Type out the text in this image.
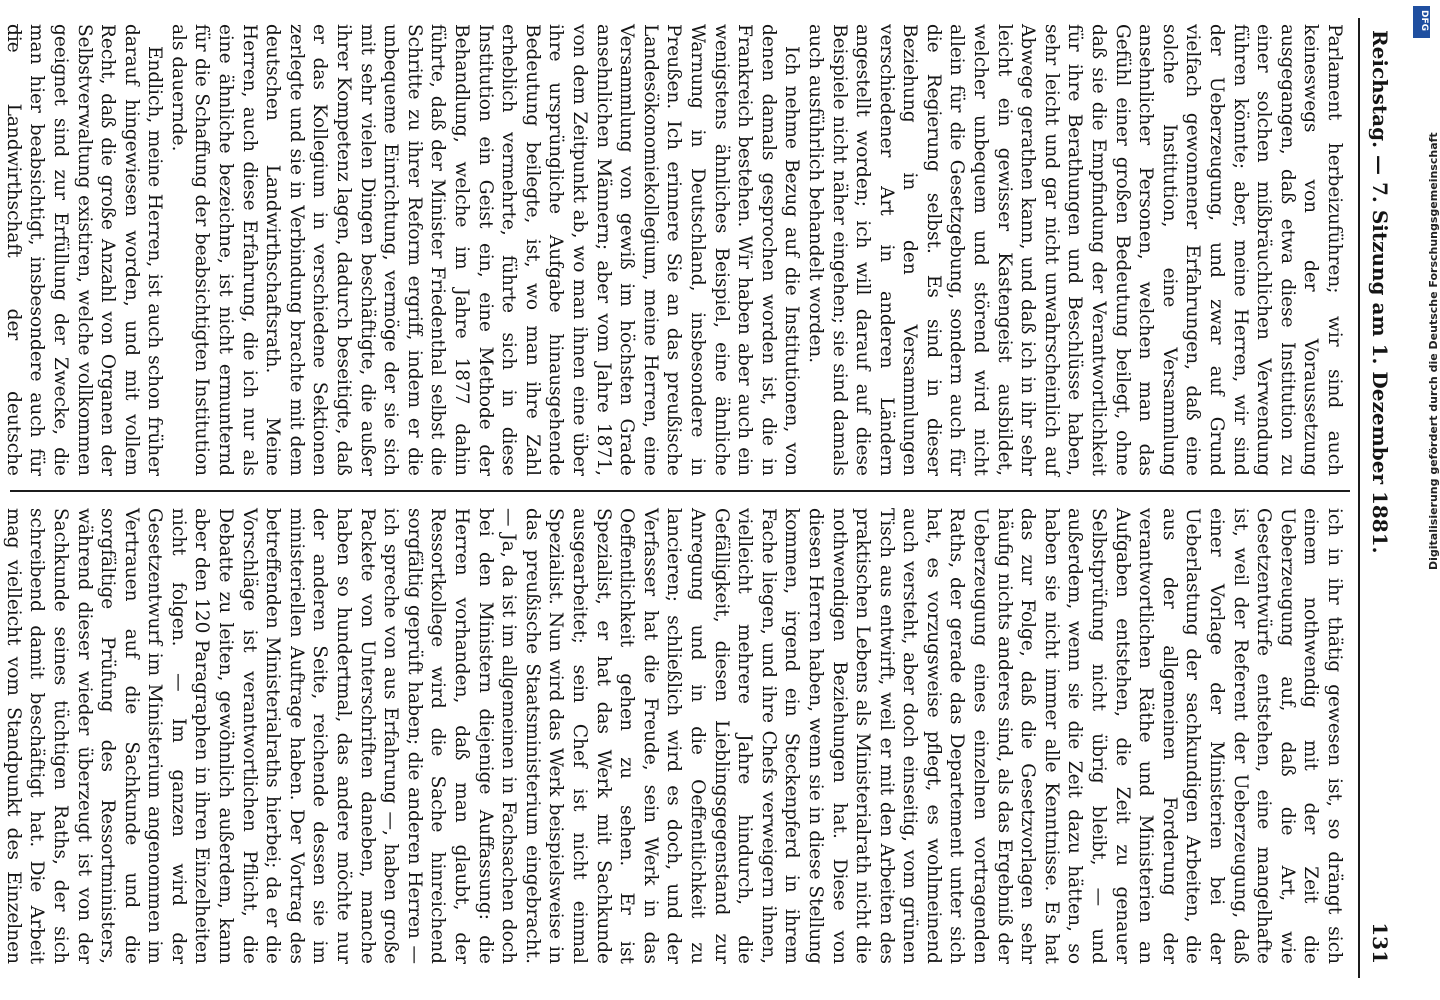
Reichstag. — 7. Sitzung am 1. Dezember 1881.
131

Parlament herbeizuführen; wir sind auch keineswegs von der Voraussetzung ausgegangen, daß etwa diese Institution zu einer solchen mißbräuchlichen Verwendung führen könnte; aber, meine Herren, wir sind der Ueberzeugung, und zwar auf Grund vielfach gewonnener Erfahrungen, daß eine solche Institution, eine Versammlung ansehnlicher Personen, welchen man das Gefühl einer großen Bedeutung beilegt, ohne daß sie die Empfindung der Verantwortlichkeit für ihre Berathungen und Beschlüsse haben, sehr leicht und gar nicht unwahrscheinlich auf Abwege gerathen kann, und daß ich in ihr sehr leicht ein gewisser Kastengeist ausbildet, welcher unbequem und störend wird nicht allein für die Gesetzgebung, sondern auch für die Regierung selbst. Es sind in dieser Beziehung in den Versammlungen verschiedener Art in anderen Ländern angestellt worden; ich will darauf auf diese Beispiele nicht näher eingehen; sie sind damals auch ausführlich behandelt worden.

Ich nehme Bezug auf die Institutionen, von denen damals gesprochen worden ist, die in Frankreich bestehen. Wir haben aber auch ein wenigstens ähnliches Beispiel, eine ähnliche Warnung in Deutschland, insbesondere in Preußen. Ich erinnere Sie an das preußische Landesökonomiekollegium, meine Herren, eine Versammlung von gewiß im höchsten Grade ansehnlichen Männern; aber vom Jahre 1871, von dem Zeitpunkt ab, wo man ihnen eine über ihre ursprüngliche Aufgabe hinausgehende Bedeutung beilegte, ist, wo man ihre Zahl erheblich vermehrte, führte sich in diese Institution ein Geist ein, eine Methode der Behandlung, welche im Jahre 1877 dahin führte, daß der Minister Friedenthal selbst die Schritte zu ihrer Reform ergriff, indem er die unbequeme Einrichtung, vermöge der sie sich mit sehr vielen Dingen beschäftigte, die außer ihrer Kompetenz lagen, dadurch beseitigte, daß er das Kollegium in verschiedene Sektionen zerlegte und sie in Verbindung brachte mit dem deutschen Landwirthschaftsrath. Meine Herren, auch diese Erfahrung, die ich nur als eine ähnliche bezeichne, ist nicht ermunternd für die Schaffung der beabsichtigten Institution als dauernde.

Endlich, meine Herren, ist auch schon früher darauf hingewiesen worden, und mit vollem Recht, daß die große Anzahl von Organen der Selbstverwaltung existiren, welche vollkommen geeignet sind zur Erfüllung der Zwecke, die man hier beabsichtigt, insbesondere auch für die Landwirthschaft der deutsche

ich in ihr thätig gewesen ist, so drängt sich einem nothwendig mit der Zeit die Ueberzeugung auf, daß die Art, wie Gesetzentwürfe entstehen, eine mangelhafte ist, weil der Referent der Ueberzeugung, daß einer Vorlage der Ministerien bei der Ueberlastung der sachkundigen Arbeiten, die aus der allgemeinen Forderung der verantwortlichen Räthe und Ministerien an Aufgaben entstehen, die Zeit zu genauer Selbstprüfung nicht übrig bleibt, — und außerdem, wenn sie die Zeit dazu hätten, so haben sie nicht immer alle Kenntnisse. Es hat das zur Folge, daß die Gesetzvorlagen sehr häufig nichts anderes sind, als das Ergebniß der Ueberzeugung eines einzelnen vortragenden Raths, der gerade das Departement unter sich hat, es vorzugsweise pflegt, es wohlmeinend auch versteht, aber doch einseitig, vom grünen Tisch aus entwirft, weil er mit den Arbeiten des praktischen Lebens als Ministerialrath nicht die nothwendigen Beziehungen hat. Diese von diesen Herren haben, wenn sie in diese Stellung kommen, irgend ein Steckenpferd in ihrem Fache liegen, und ihre Chefs verweigern ihnen, vielleicht mehrere Jahre hindurch, die Gefälligkeit, diesen Lieblingsgegenstand zur Anregung und in die Oeffentlichkeit zu lancieren; schließlich wird es doch, und der Verfasser hat die Freude, sein Werk in das Oeffentlichkeit gehen zu sehen. Er ist Spezialist, er hat das Werk mit Sachkunde ausgearbeitet; sein Chef ist nicht einmal Spezialist. Nun wird das Werk beispielsweise in das preußische Staatsministerium eingebracht. — Ja, da ist im allgemeinen in Fachsachen doch bei den Ministern diejenige Auffassung: die Herren vorhanden, daß man glaubt, der Ressortkollege wird die Sache hinreichend sorgfältig geprüft haben; die anderen Herren — ich spreche von aus Erfahrung —, haben große Packete von Unterschriften daneben, manche haben so hundertmal, das andere möchte nur der anderen Seite, reichende dessen sie im ministeriellen Auftrage haben. Der Vortrag des betreffenden Ministerialraths hierbei; da er die Vorschläge ist verantwortlichen Pflicht, die Debatte zu leiten, gewöhnlich außerdem, kann aber den 120 Paragraphen in ihren Einzelheiten nicht folgen. — Im ganzen wird der Gesetzentwurf im Ministerium angenommen im Vertrauen auf die Sachkunde und die sorgfältige Prüfung des Ressortministers, während dieser wieder überzeugt ist von der Sachkunde seines tüchtigen Raths, der sich schreibend damit beschäftigt hat. Die Arbeit mag vielleicht vom Standpunkt des Einzelnen

DFG
Digitalisierung gefördert durch die Deutsche Forschungsgemeinschaft
